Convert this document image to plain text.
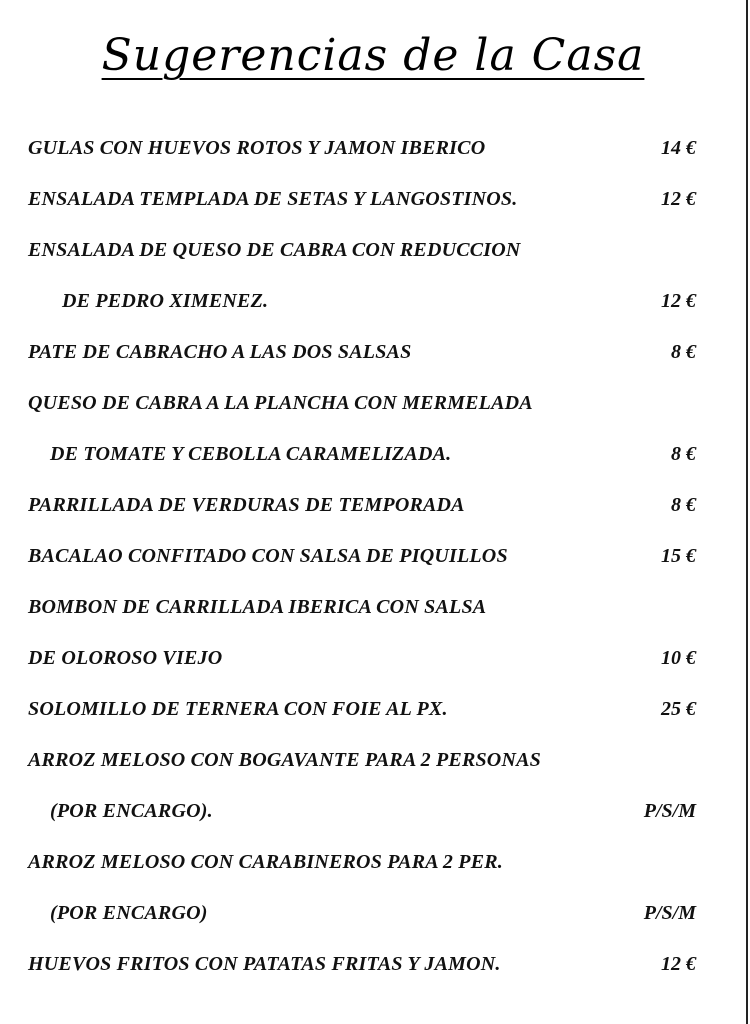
Sugerencias de la Casa
GULAS CON HUEVOS ROTOS Y JAMON IBERICO	14 €
ENSALADA TEMPLADA DE SETAS Y LANGOSTINOS.	12 €
ENSALADA DE QUESO DE CABRA CON REDUCCION
DE PEDRO XIMENEZ.	12 €
PATE DE CABRACHO A LAS DOS SALSAS	8 €
QUESO DE CABRA A LA PLANCHA CON MERMELADA
DE TOMATE Y CEBOLLA CARAMELIZADA.	8 €
PARRILLADA DE VERDURAS DE TEMPORADA	8 €
BACALAO CONFITADO CON SALSA DE PIQUILLOS	15 €
BOMBON DE CARRILLADA IBERICA CON SALSA
DE OLOROSO VIEJO	10 €
SOLOMILLO DE TERNERA CON FOIE AL PX.	25 €
ARROZ MELOSO CON BOGAVANTE PARA 2 PERSONAS
(POR ENCARGO).	P/S/M
ARROZ MELOSO CON CARABINEROS PARA 2 PER.
(POR ENCARGO)	P/S/M
HUEVOS FRITOS CON PATATAS FRITAS Y JAMON.	12 €
